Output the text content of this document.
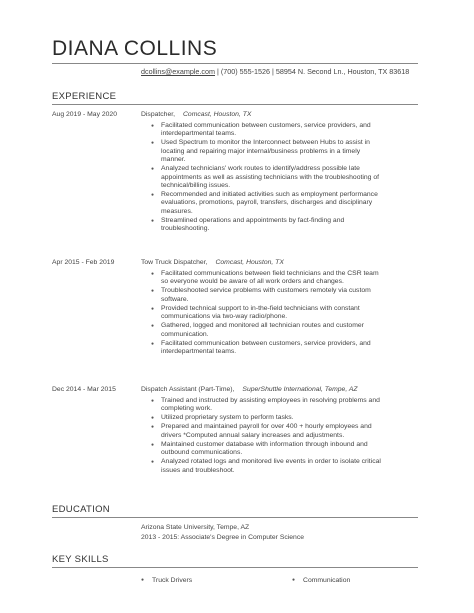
DIANA COLLINS
dcollins@example.com | (700) 555-1526 | 58954 N. Second Ln., Houston, TX 83618
EXPERIENCE
Aug 2019 - May 2020	Dispatcher, Comcast, Houston, TX
● Facilitated communication between customers, service providers, and interdepartmental teams.
● Used Spectrum to monitor the Interconnect between Hubs to assist in locating and repairing major internal/business problems in a timely manner.
● Analyzed technicians' work routes to identify/address possible late appointments as well as assisting technicians with the troubleshooting of technical/billing issues.
● Recommended and initiated activities such as employment performance evaluations, promotions, payroll, transfers, discharges and disciplinary measures.
● Streamlined operations and appointments by fact-finding and troubleshooting.
Apr 2015 - Feb 2019	Tow Truck Dispatcher, Comcast, Houston, TX
● Facilitated communications between field technicians and the CSR team so everyone would be aware of all work orders and changes.
● Troubleshooted service problems with customers remotely via custom software.
● Provided technical support to in-the-field technicians with constant communications via two-way radio/phone.
● Gathered, logged and monitored all technician routes and customer communication.
● Facilitated communication between customers, service providers, and interdepartmental teams.
Dec 2014 - Mar 2015	Dispatch Assistant (Part-Time), SuperShuttle International, Tempe, AZ
● Trained and instructed by assisting employees in resolving problems and completing work.
● Utilized proprietary system to perform tasks.
● Prepared and maintained payroll for over 400 + hourly employees and drivers *Computed annual salary increases and adjustments.
● Maintained customer database with information through inbound and outbound communications.
● Analyzed rotated logs and monitored live events in order to isolate critical issues and troubleshoot.
EDUCATION
Arizona State University, Tempe, AZ
2013 - 2015: Associate's Degree in Computer Science
KEY SKILLS
● Truck Drivers	● Communication
